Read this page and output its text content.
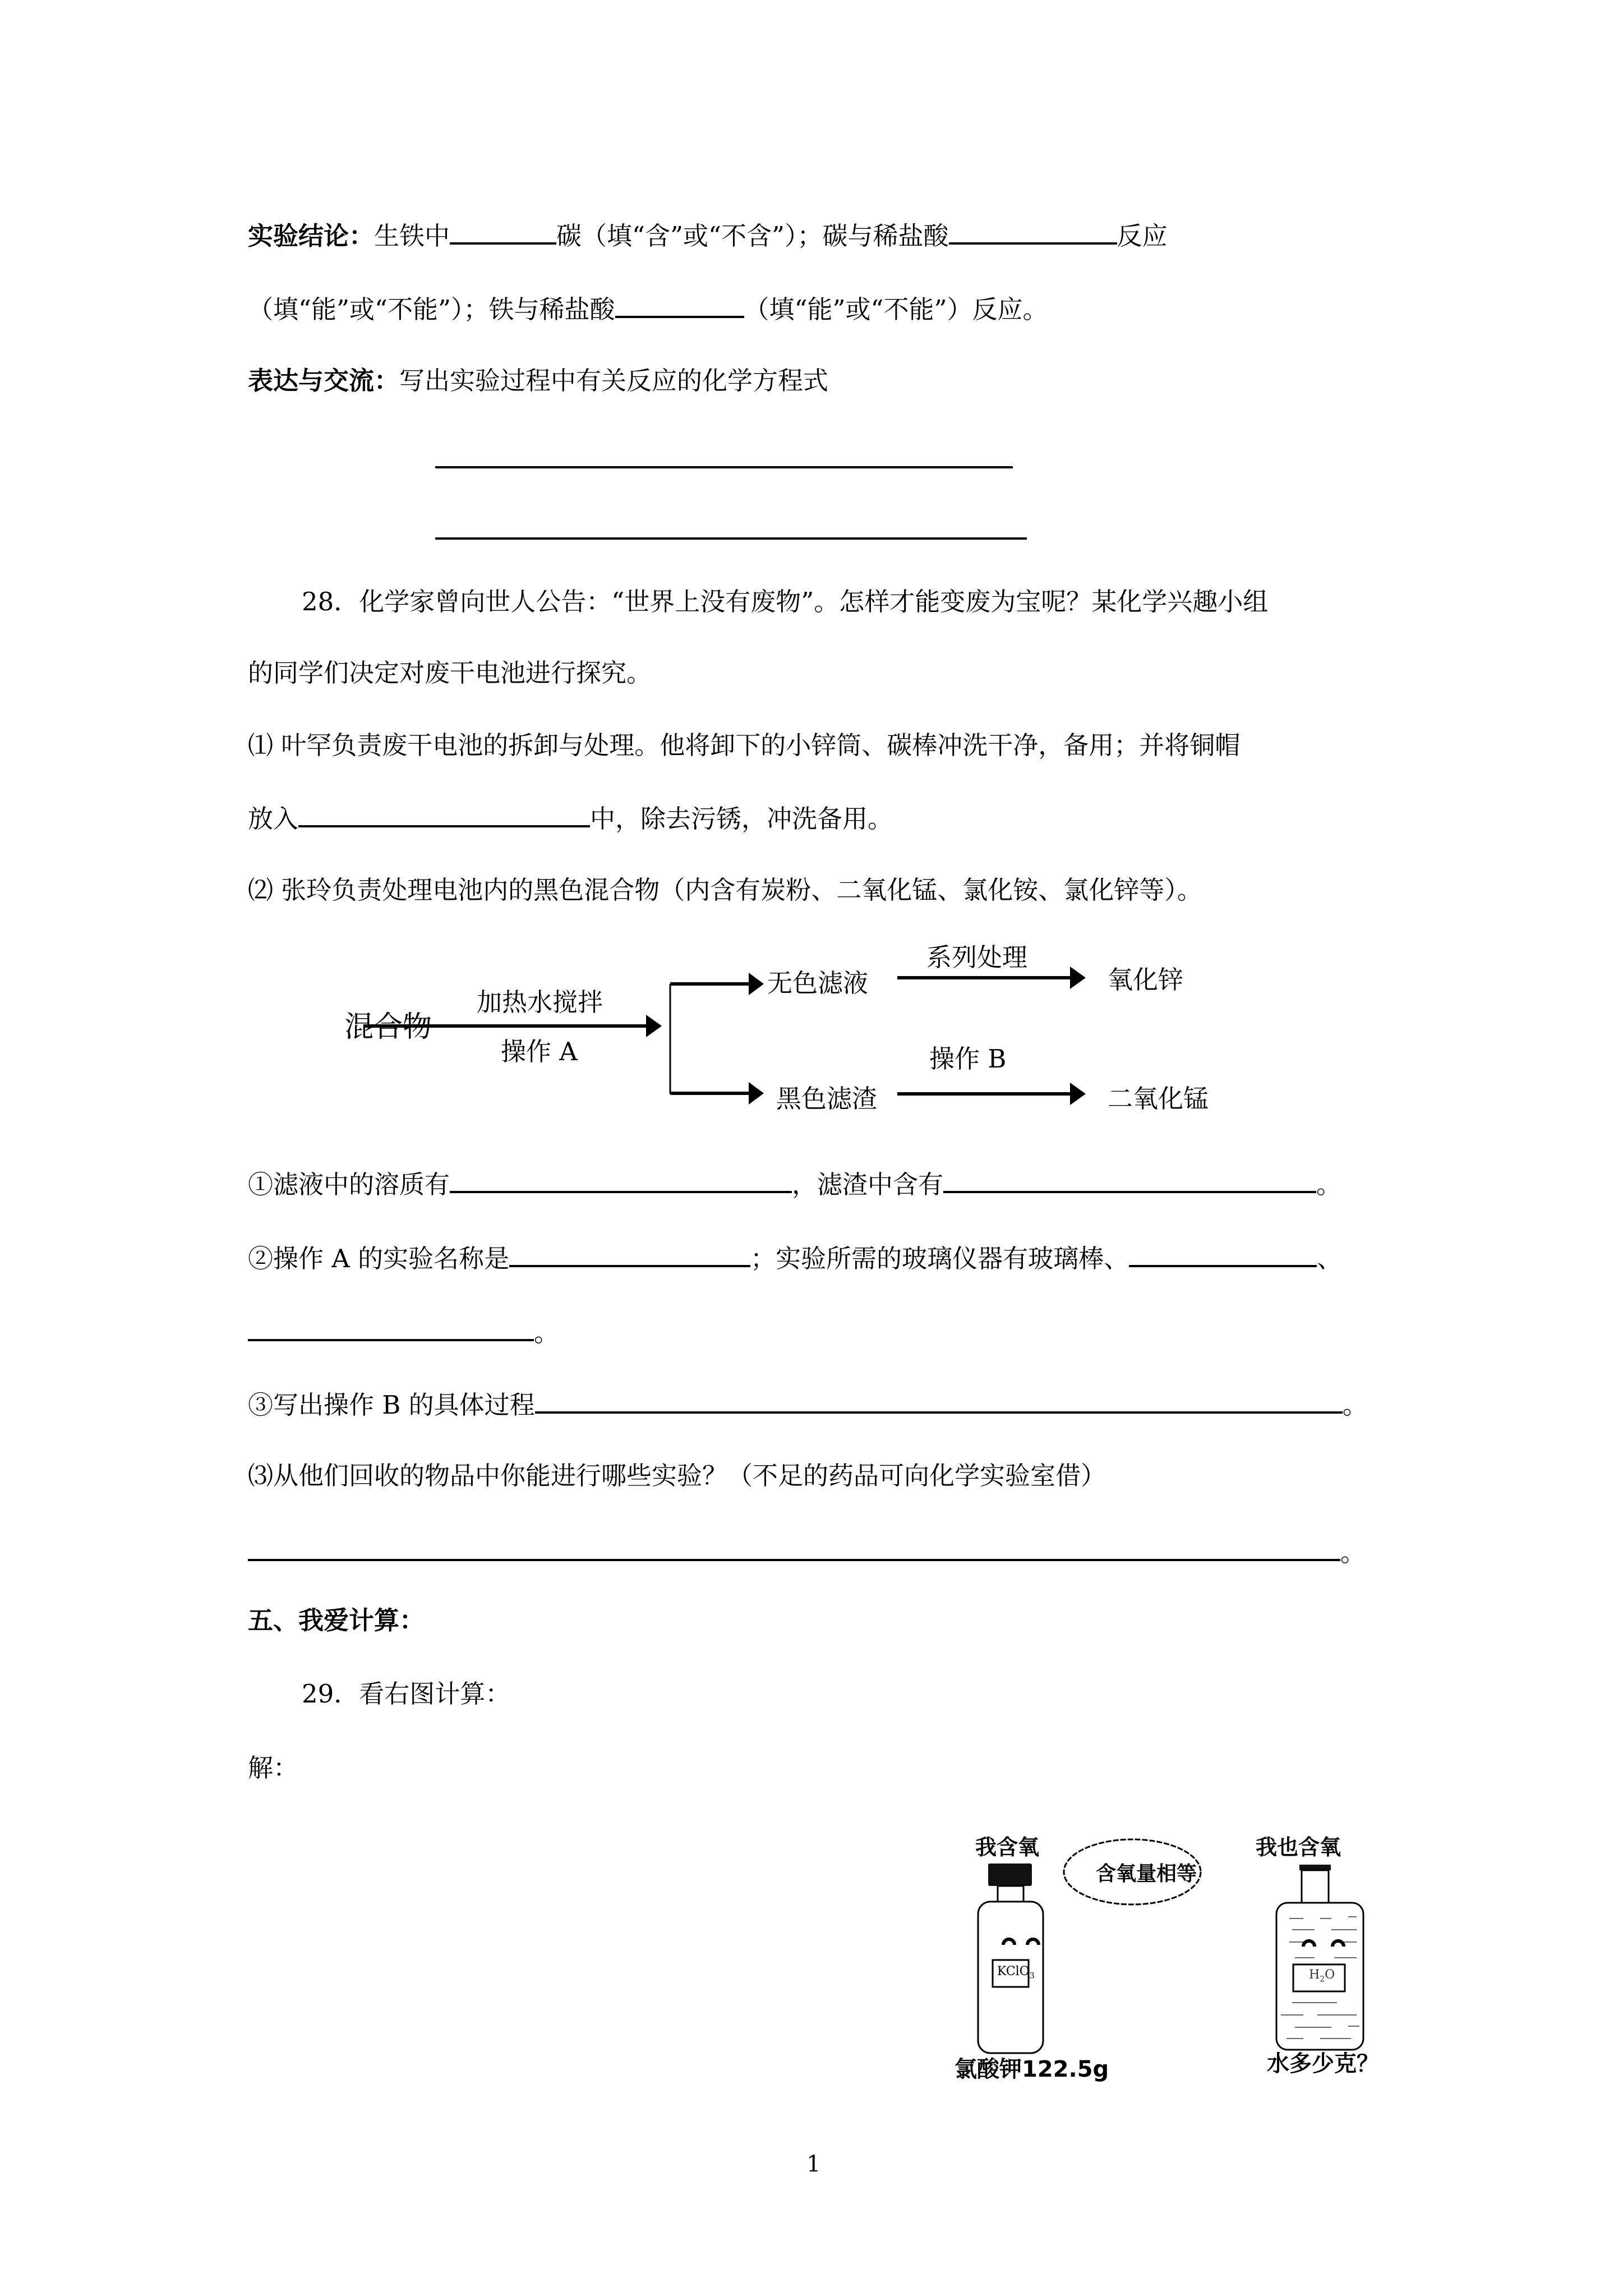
实验结论：生铁中	碳（填“含”或“不含”）；碳与稀盐酸	反应
（填“能”或“不能”）；铁与稀盐酸	（填“能”或“不能”）反应。
表达与交流：写出实验过程中有关反应的化学方程式
28．化学家曾向世人公告：“世界上没有废物”。怎样才能变废为宝呢？某化学兴趣小组
的同学们决定对废干电池进行探究。
⑴ 叶罕负责废干电池的拆卸与处理。他将卸下的小锌筒、碳棒冲洗干净，备用；并将铜帽
放入	中，除去污锈，冲洗备用。
⑵ 张玲负责处理电池内的黑色混合物（内含有炭粉、二氧化锰、氯化铵、氯化锌等）。
混合物
加热水搅拌
操作 A
无色滤液
系列处理
氧化锌
黑色滤渣
操作 B
二氧化锰
①滤液中的溶质有	，滤渣中含有	。
②操作 A 的实验名称是	；实验所需的玻璃仪器有玻璃棒、	、
。
③写出操作 B 的具体过程	。
⑶从他们回收的物品中你能进行哪些实验？（不足的药品可向化学实验室借）
。
五、我爱计算：
29．看右图计算：
解：
我含氧	我也含氧
含氧量相等
KClO$_3$	$H_2O$
氯酸钾122.5g	水多少克？
1
